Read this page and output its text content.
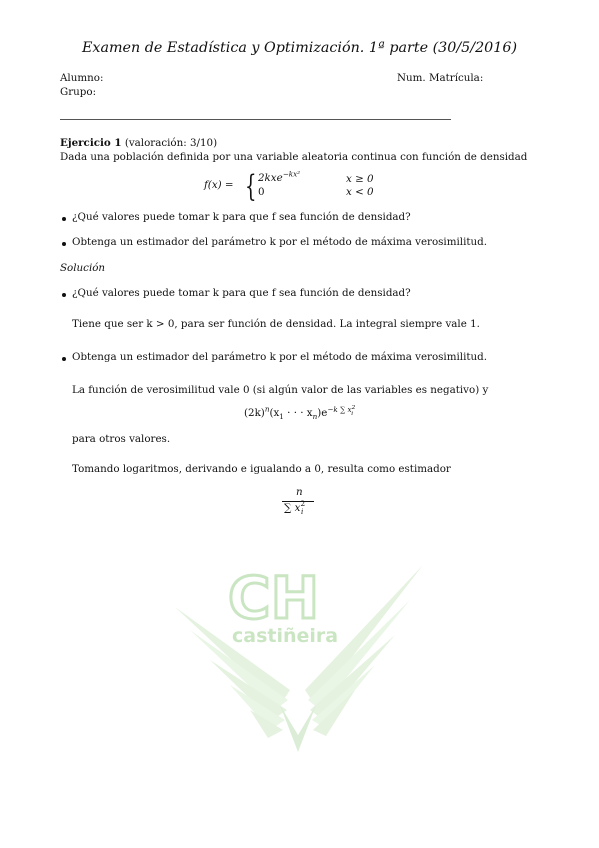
Examen de Estadística y Optimización. 1ª parte (30/5/2016)
Alumno:
Grupo:
Num. Matrícula:
Ejercicio 1 (valoración: 3/10)
Dada una población definida por una variable aleatoria continua con función de densidad
f(x) = { 2kxe$^{-kx^2}$	x ≥ 0
0	x < 0
¿Qué valores puede tomar k para que f sea función de densidad?
Obtenga un estimador del parámetro k por el método de máxima verosimilitud.
Solución
¿Qué valores puede tomar k para que f sea función de densidad?
Tiene que ser k > 0, para ser función de densidad. La integral siempre vale 1.
Obtenga un estimador del parámetro k por el método de máxima verosimilitud.
La función de verosimilitud vale 0 (si algún valor de las variables es negativo) y
$(2k)^n(x_1$ · · · $x_n)e^{-k \sum x^2_i}$
para otros valores.
Tomando logaritmos, derivando e igualando a 0, resulta como estimador
n
∑ $x^2_i$
CH
castiñeira
